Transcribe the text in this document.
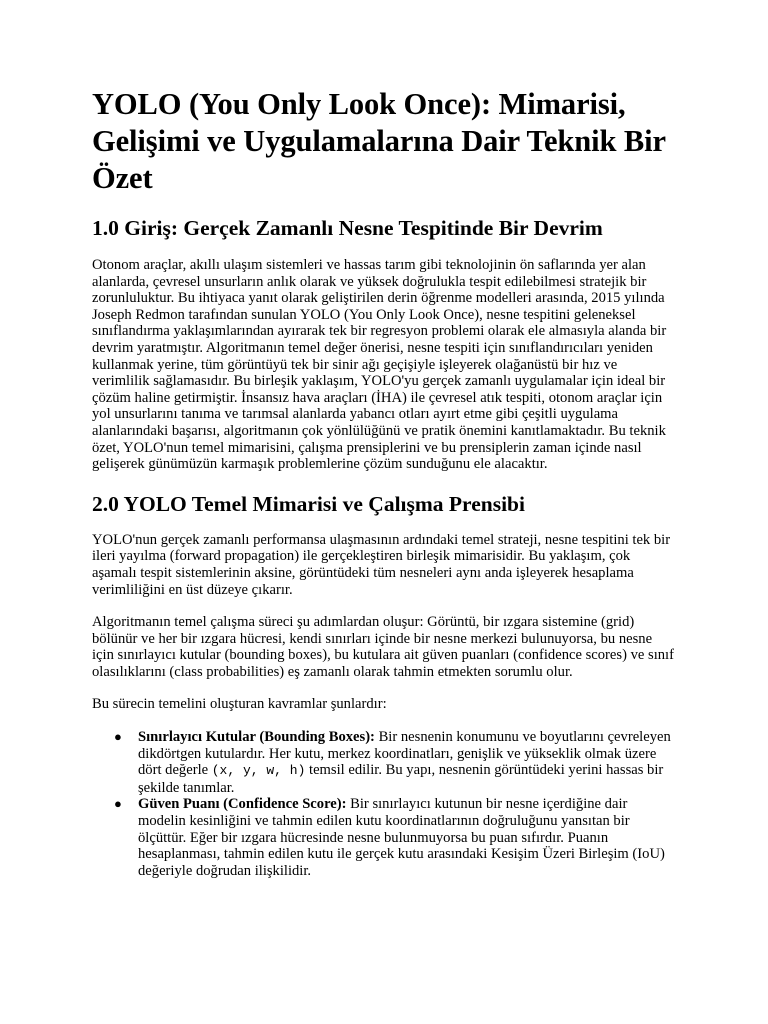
YOLO (You Only Look Once): Mimarisi, Gelişimi ve Uygulamalarına Dair Teknik Bir Özet
1.0 Giriş: Gerçek Zamanlı Nesne Tespitinde Bir Devrim

Otonom araçlar, akıllı ulaşım sistemleri ve hassas tarım gibi teknolojinin ön saflarında yer alan alanlarda, çevresel unsurların anlık olarak ve yüksek doğrulukla tespit edilebilmesi stratejik bir zorunluluktur. Bu ihtiyaca yanıt olarak geliştirilen derin öğrenme modelleri arasında, 2015 yılında Joseph Redmon tarafından sunulan YOLO (You Only Look Once), nesne tespitini geleneksel sınıflandırma yaklaşımlarından ayırarak tek bir regresyon problemi olarak ele almasıyla alanda bir devrim yaratmıştır. Algoritmanın temel değer önerisi, nesne tespiti için sınıflandırıcıları yeniden kullanmak yerine, tüm görüntüyü tek bir sinir ağı geçişiyle işleyerek olağanüstü bir hız ve verimlilik sağlamasıdır. Bu birleşik yaklaşım, YOLO'yu gerçek zamanlı uygulamalar için ideal bir çözüm haline getirmiştir. İnsansız hava araçları (İHA) ile çevresel atık tespiti, otonom araçlar için yol unsurlarını tanıma ve tarımsal alanlarda yabancı otları ayırt etme gibi çeşitli uygulama alanlarındaki başarısı, algoritmanın çok yönlülüğünü ve pratik önemini kanıtlamaktadır. Bu teknik özet, YOLO'nun temel mimarisini, çalışma prensiplerini ve bu prensiplerin zaman içinde nasıl gelişerek günümüzün karmaşık problemlerine çözüm sunduğunu ele alacaktır.

2.0 YOLO Temel Mimarisi ve Çalışma Prensibi

YOLO'nun gerçek zamanlı performansa ulaşmasının ardındaki temel strateji, nesne tespitini tek bir ileri yayılma (forward propagation) ile gerçekleştiren birleşik mimarisidir. Bu yaklaşım, çok aşamalı tespit sistemlerinin aksine, görüntüdeki tüm nesneleri aynı anda işleyerek hesaplama verimliliğini en üst düzeye çıkarır.

Algoritmanın temel çalışma süreci şu adımlardan oluşur: Görüntü, bir ızgara sistemine (grid) bölünür ve her bir ızgara hücresi, kendi sınırları içinde bir nesne merkezi bulunuyorsa, bu nesne için sınırlayıcı kutular (bounding boxes), bu kutulara ait güven puanları (confidence scores) ve sınıf olasılıklarını (class probabilities) eş zamanlı olarak tahmin etmekten sorumlu olur.

Bu sürecin temelini oluşturan kavramlar şunlardır:

● Sınırlayıcı Kutular (Bounding Boxes): Bir nesnenin konumunu ve boyutlarını çevreleyen dikdörtgen kutulardır. Her kutu, merkez koordinatları, genişlik ve yükseklik olmak üzere dört değerle (x, y, w, h) temsil edilir. Bu yapı, nesnenin görüntüdeki yerini hassas bir şekilde tanımlar.
● Güven Puanı (Confidence Score): Bir sınırlayıcı kutunun bir nesne içerdiğine dair modelin kesinliğini ve tahmin edilen kutu koordinatlarının doğruluğunu yansıtan bir ölçüttür. Eğer bir ızgara hücresinde nesne bulunmuyorsa bu puan sıfırdır. Puanın hesaplanması, tahmin edilen kutu ile gerçek kutu arasındaki Kesişim Üzeri Birleşim (IoU) değeriyle doğrudan ilişkilidir.
